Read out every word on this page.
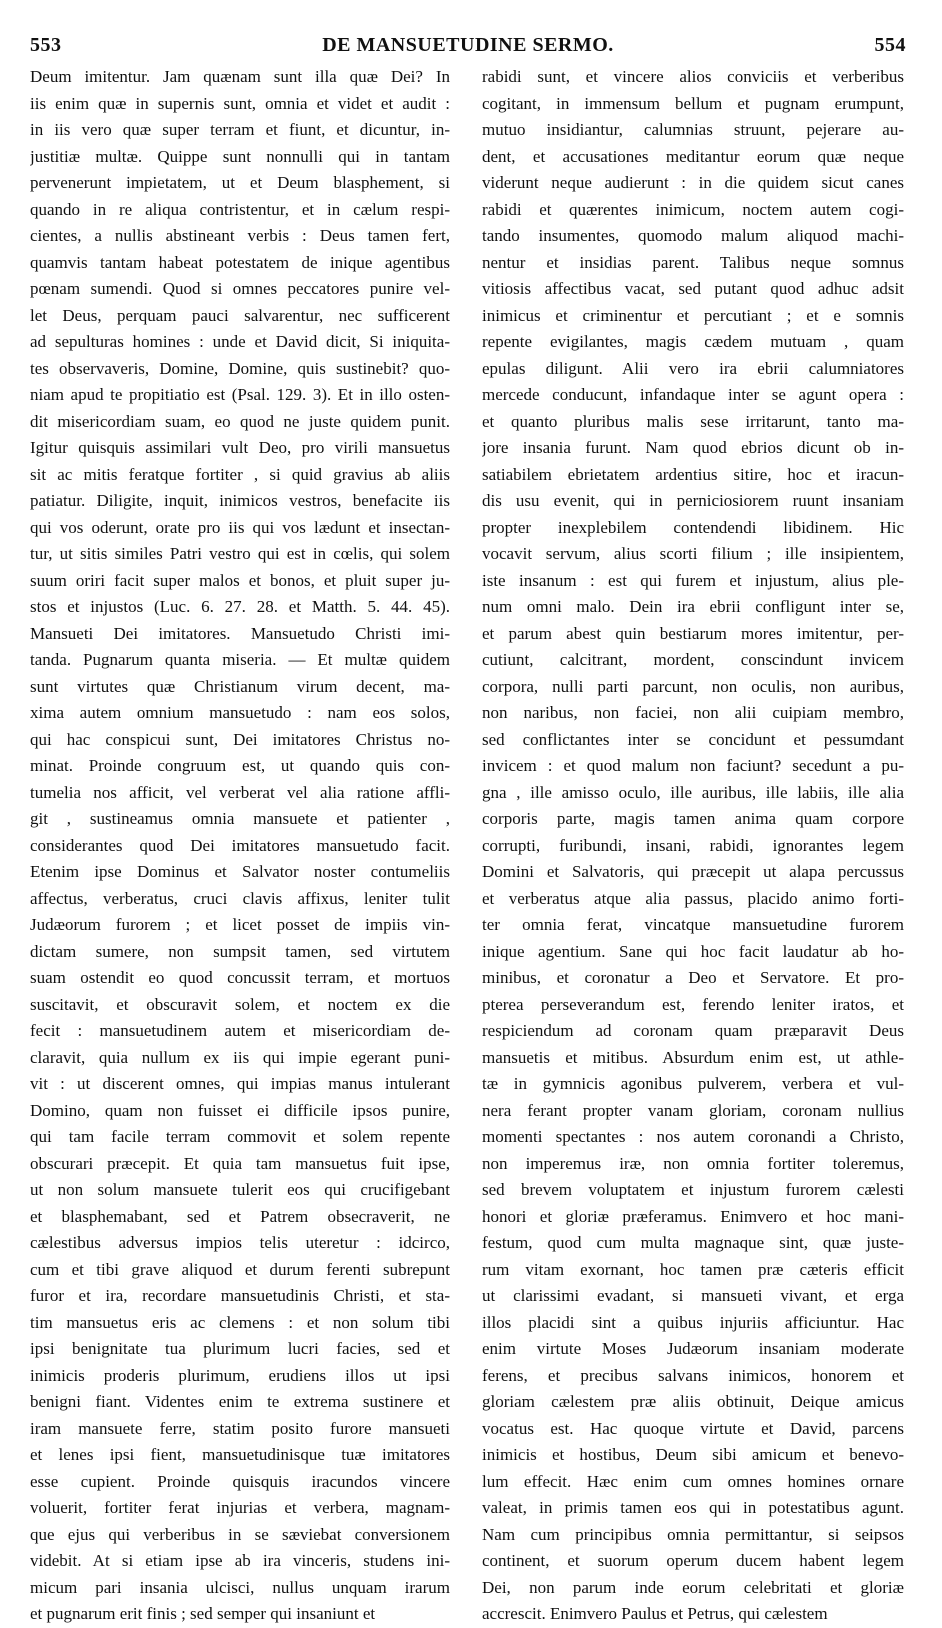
553	DE MANSUETUDINE SERMO.	554
Deum imitentur. Jam quænam sunt illa quæ Dei? In
iis enim quæ in supernis sunt, omnia et videt et audit :
in iis vero quæ super terram et fiunt, et dicuntur, in-
justitiæ multæ. Quippe sunt nonnulli qui in tantam
pervenerunt impietatem, ut et Deum blasphement, si
quando in re aliqua contristentur, et in cælum respi-
cientes, a nullis abstineant verbis : Deus tamen fert,
quamvis tantam habeat potestatem de inique agentibus
pœnam sumendi. Quod si omnes peccatores punire vel-
let Deus, perquam pauci salvarentur, nec sufficerent
ad sepulturas homines : unde et David dicit, Si iniquita-
tes observaveris, Domine, Domine, quis sustinebit? quo-
niam apud te propitiatio est (Psal. 129. 3). Et in illo osten-
dit misericordiam suam, eo quod ne juste quidem punit.
Igitur quisquis assimilari vult Deo, pro virili mansuetus
sit ac mitis feratque fortiter , si quid gravius ab aliis
patiatur. Diligite, inquit, inimicos vestros, benefacite iis
qui vos oderunt, orate pro iis qui vos lædunt et insectan-
tur, ut sitis similes Patri vestro qui est in cœlis, qui solem
suum oriri facit super malos et bonos, et pluit super ju-
stos et injustos (Luc. 6. 27. 28. et Matth. 5. 44. 45).
Mansueti Dei imitatores. Mansuetudo Christi imi-
tanda. Pugnarum quanta miseria. — Et multæ quidem
sunt virtutes quæ Christianum virum decent, ma-
xima autem omnium mansuetudo : nam eos solos,
qui hac conspicui sunt, Dei imitatores Christus no-
minat. Proinde congruum est, ut quando quis con-
tumelia nos afficit, vel verberat vel alia ratione affli-
git , sustineamus omnia mansuete et patienter ,
considerantes quod Dei imitatores mansuetudo facit.
Etenim ipse Dominus et Salvator noster contumeliis
affectus, verberatus, cruci clavis affixus, leniter tulit
Judæorum furorem ; et licet posset de impiis vin-
dictam sumere, non sumpsit tamen, sed virtutem
suam ostendit eo quod concussit terram, et mortuos
suscitavit, et obscuravit solem, et noctem ex die
fecit : mansuetudinem autem et misericordiam de-
claravit, quia nullum ex iis qui impie egerant puni-
vit : ut discerent omnes, qui impias manus intulerant
Domino, quam non fuisset ei difficile ipsos punire,
qui tam facile terram commovit et solem repente
obscurari præcepit. Et quia tam mansuetus fuit ipse,
ut non solum mansuete tulerit eos qui crucifigebant
et blasphemabant, sed et Patrem obsecraverit, ne
cælestibus adversus impios telis uteretur : idcirco,
cum et tibi grave aliquod et durum ferenti subrepunt
furor et ira, recordare mansuetudinis Christi, et sta-
tim mansuetus eris ac clemens : et non solum tibi
ipsi benignitate tua plurimum lucri facies, sed et
inimicis proderis plurimum, erudiens illos ut ipsi
benigni fiant. Videntes enim te extrema sustinere et
iram mansuete ferre, statim posito furore mansueti
et lenes ipsi fient, mansuetudinisque tuæ imitatores
esse cupient. Proinde quisquis iracundos vincere
voluerit, fortiter ferat injurias et verbera, magnam-
que ejus qui verberibus in se sæviebat conversionem
videbit. At si etiam ipse ab ira vinceris, studens ini-
micum pari insania ulcisci, nullus unquam irarum
et pugnarum erit finis ; sed semper qui insaniunt et
rabidi sunt, et vincere alios conviciis et verberibus
cogitant, in immensum bellum et pugnam erumpunt,
mutuo insidiantur, calumnias struunt, pejerare au-
dent, et accusationes meditantur eorum quæ neque
viderunt neque audierunt : in die quidem sicut canes
rabidi et quærentes inimicum, noctem autem cogi-
tando insumentes, quomodo malum aliquod machi-
nentur et insidias parent. Talibus neque somnus
vitiosis affectibus vacat, sed putant quod adhuc adsit
inimicus et criminentur et percutiant ; et e somnis
repente evigilantes, magis cædem mutuam , quam
epulas diligunt. Alii vero ira ebrii calumniatores
mercede conducunt, infandaque inter se agunt opera :
et quanto pluribus malis sese irritarunt, tanto ma-
jore insania furunt. Nam quod ebrios dicunt ob in-
satiabilem ebrietatem ardentius sitire, hoc et iracun-
dis usu evenit, qui in perniciosiorem ruunt insaniam
propter inexplebilem contendendi libidinem. Hic
vocavit servum, alius scorti filium ; ille insipientem,
iste insanum : est qui furem et injustum, alius ple-
num omni malo. Dein ira ebrii confligunt inter se,
et parum abest quin bestiarum mores imitentur, per-
cutiunt, calcitrant, mordent, conscindunt invicem
corpora, nulli parti parcunt, non oculis, non auribus,
non naribus, non faciei, non alii cuipiam membro,
sed conflictantes inter se concidunt et pessumdant
invicem : et quod malum non faciunt? secedunt a pu-
gna , ille amisso oculo, ille auribus, ille labiis, ille alia
corporis parte, magis tamen anima quam corpore
corrupti, furibundi, insani, rabidi, ignorantes legem
Domini et Salvatoris, qui præcepit ut alapa percussus
et verberatus atque alia passus, placido animo forti-
ter omnia ferat, vincatque mansuetudine furorem
inique agentium. Sane qui hoc facit laudatur ab ho-
minibus, et coronatur a Deo et Servatore. Et pro-
pterea perseverandum est, ferendo leniter iratos, et
respiciendum ad coronam quam præparavit Deus
mansuetis et mitibus. Absurdum enim est, ut athle-
tæ in gymnicis agonibus pulverem, verbera et vul-
nera ferant propter vanam gloriam, coronam nullius
momenti spectantes : nos autem coronandi a Christo,
non imperemus iræ, non omnia fortiter toleremus,
sed brevem voluptatem et injustum furorem cælesti
honori et gloriæ præferamus. Enimvero et hoc mani-
festum, quod cum multa magnaque sint, quæ juste-
rum vitam exornant, hoc tamen præ cæteris efficit
ut clarissimi evadant, si mansueti vivant, et erga
illos placidi sint a quibus injuriis afficiuntur. Hac
enim virtute Moses Judæorum insaniam moderate
ferens, et precibus salvans inimicos, honorem et
gloriam cælestem præ aliis obtinuit, Deique amicus
vocatus est. Hac quoque virtute et David, parcens
inimicis et hostibus, Deum sibi amicum et benevo-
lum effecit. Hæc enim cum omnes homines ornare
valeat, in primis tamen eos qui in potestatibus agunt.
Nam cum principibus omnia permittantur, si seipsos
continent, et suorum operum ducem habent legem
Dei, non parum inde eorum celebritati et gloriæ
accrescit. Enimvero Paulus et Petrus, qui cælestem
